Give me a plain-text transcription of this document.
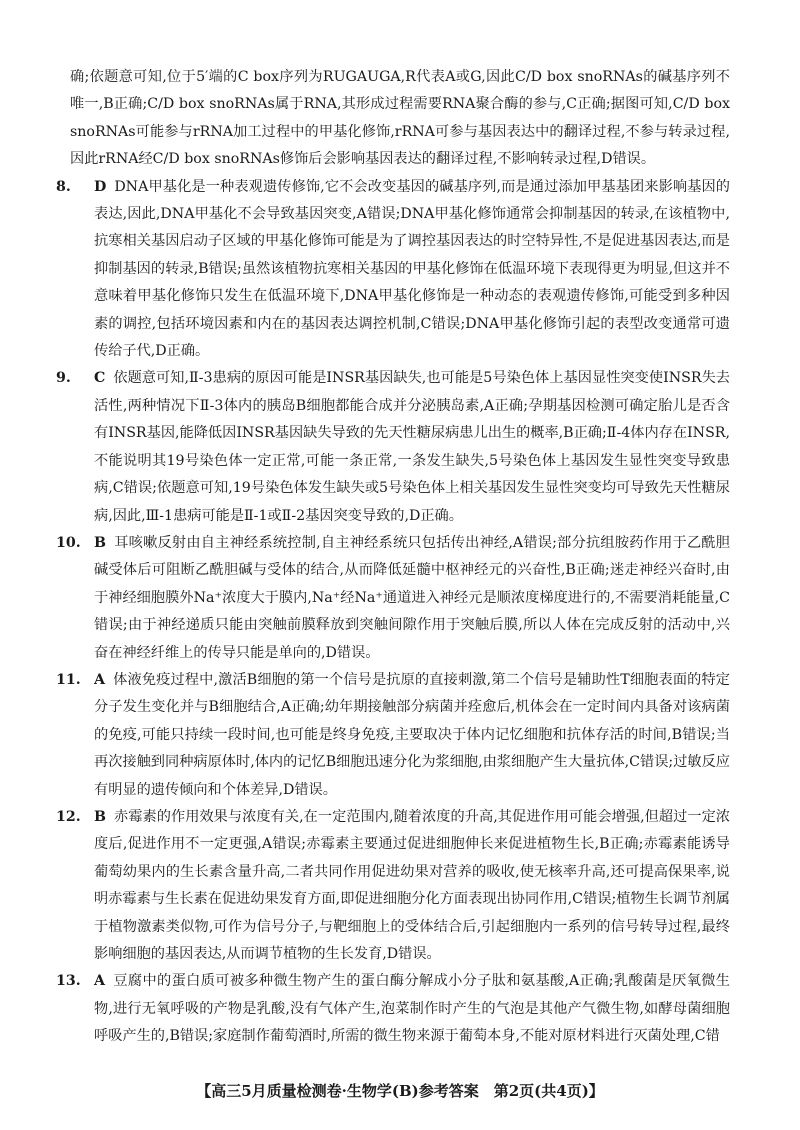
确;依题意可知,位于5′端的C box序列为RUGAUGA,R代表A或G,因此C/D box snoRNAs的碱基序列不唯一,B正确;C/D box snoRNAs属于RNA,其形成过程需要RNA聚合酶的参与,C正确;据图可知,C/D box snoRNAs可能参与rRNA加工过程中的甲基化修饰,rRNA可参与基因表达中的翻译过程,不参与转录过程,因此rRNA经C/D box snoRNAs修饰后会影响基因表达的翻译过程,不影响转录过程,D错误。

8. D DNA甲基化是一种表观遗传修饰,它不会改变基因的碱基序列,而是通过添加甲基基团来影响基因的表达,因此,DNA甲基化不会导致基因突变,A错误;DNA甲基化修饰通常会抑制基因的转录,在该植物中,抗寒相关基因启动子区域的甲基化修饰可能是为了调控基因表达的时空特异性,不是促进基因表达,而是抑制基因的转录,B错误;虽然该植物抗寒相关基因的甲基化修饰在低温环境下表现得更为明显,但这并不意味着甲基化修饰只发生在低温环境下,DNA甲基化修饰是一种动态的表观遗传修饰,可能受到多种因素的调控,包括环境因素和内在的基因表达调控机制,C错误;DNA甲基化修饰引起的表型改变通常可遗传给子代,D正确。
9. C 依题意可知,Ⅱ-3患病的原因可能是INSR基因缺失,也可能是5号染色体上基因显性突变使INSR失去活性,两种情况下Ⅱ-3体内的胰岛B细胞都能合成并分泌胰岛素,A正确;孕期基因检测可确定胎儿是否含有INSR基因,能降低因INSR基因缺失导致的先天性糖尿病患儿出生的概率,B正确;Ⅱ-4体内存在INSR,不能说明其19号染色体一定正常,可能一条正常,一条发生缺失,5号染色体上基因发生显性突变导致患病,C错误;依题意可知,19号染色体发生缺失或5号染色体上相关基因发生显性突变均可导致先天性糖尿病,因此,Ⅲ-1患病可能是Ⅱ-1或Ⅱ-2基因突变导致的,D正确。
10. B 耳咳嗽反射由自主神经系统控制,自主神经系统只包括传出神经,A错误;部分抗组胺药作用于乙酰胆碱受体后可阻断乙酰胆碱与受体的结合,从而降低延髓中枢神经元的兴奋性,B正确;迷走神经兴奋时,由于神经细胞膜外Na⁺浓度大于膜内,Na⁺经Na⁺通道进入神经元是顺浓度梯度进行的,不需要消耗能量,C错误;由于神经递质只能由突触前膜释放到突触间隙作用于突触后膜,所以人体在完成反射的活动中,兴奋在神经纤维上的传导只能是单向的,D错误。
11. A 体液免疫过程中,激活B细胞的第一个信号是抗原的直接刺激,第二个信号是辅助性T细胞表面的特定分子发生变化并与B细胞结合,A正确;幼年期接触部分病菌并痊愈后,机体会在一定时间内具备对该病菌的免疫,可能只持续一段时间,也可能是终身免疫,主要取决于体内记忆细胞和抗体存活的时间,B错误;当再次接触到同种病原体时,体内的记忆B细胞迅速分化为浆细胞,由浆细胞产生大量抗体,C错误;过敏反应有明显的遗传倾向和个体差异,D错误。
12. B 赤霉素的作用效果与浓度有关,在一定范围内,随着浓度的升高,其促进作用可能会增强,但超过一定浓度后,促进作用不一定更强,A错误;赤霉素主要通过促进细胞伸长来促进植物生长,B正确;赤霉素能诱导葡萄幼果内的生长素含量升高,二者共同作用促进幼果对营养的吸收,使无核率升高,还可提高保果率,说明赤霉素与生长素在促进幼果发育方面,即促进细胞分化方面表现出协同作用,C错误;植物生长调节剂属于植物激素类似物,可作为信号分子,与靶细胞上的受体结合后,引起细胞内一系列的信号转导过程,最终影响细胞的基因表达,从而调节植物的生长发育,D错误。
13. A 豆腐中的蛋白质可被多种微生物产生的蛋白酶分解成小分子肽和氨基酸,A正确;乳酸菌是厌氧微生物,进行无氧呼吸的产物是乳酸,没有气体产生,泡菜制作时产生的气泡是其他产气微生物,如酵母菌细胞呼吸产生的,B错误;家庭制作葡萄酒时,所需的微生物来源于葡萄本身,不能对原材料进行灭菌处理,C错
【高三5月质量检测卷·生物学(B)参考答案　第2页(共4页)】
